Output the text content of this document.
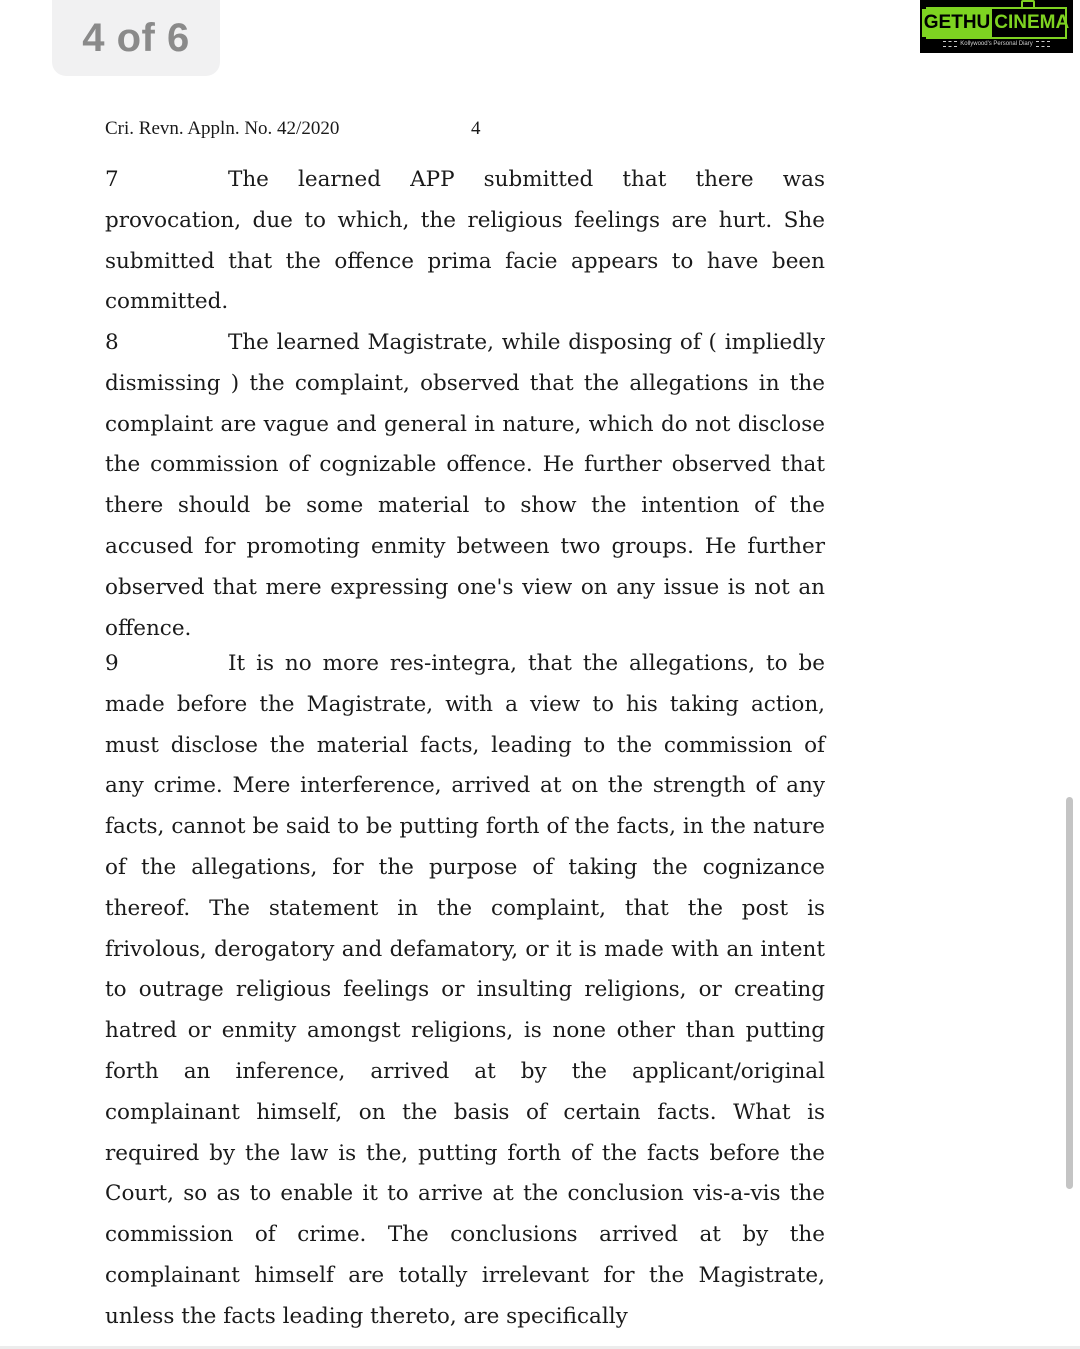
4 of 6	GETHU CINEMA
Kollywood's Personal Diary
Cri. Revn. Appln. No. 42/2020	4
7	The learned APP submitted that there was provocation, due to which, the religious feelings are hurt. She submitted that the offence prima facie appears to have been committed.
8	The learned Magistrate, while disposing of ( impliedly dismissing ) the complaint, observed that the allegations in the complaint are vague and general in nature, which do not disclose the commission of cognizable offence. He further observed that there should be some material to show the intention of the accused for promoting enmity between two groups. He further observed that mere expressing one's view on any issue is not an offence.
9	It is no more res-integra, that the allegations, to be made before the Magistrate, with a view to his taking action, must disclose the material facts, leading to the commission of any crime. Mere interference, arrived at on the strength of any facts, cannot be said to be putting forth of the facts, in the nature of the allegations, for the purpose of taking the cognizance thereof. The statement in the complaint, that the post is frivolous, derogatory and defamatory, or it is made with an intent to outrage religious feelings or insulting religions, or creating hatred or enmity amongst religions, is none other than putting forth an inference, arrived at by the applicant/original complainant himself, on the basis of certain facts. What is required by the law is the, putting forth of the facts before the Court, so as to enable it to arrive at the conclusion vis-a-vis the commission of crime. The conclusions arrived at by the complainant himself are totally irrelevant for the Magistrate, unless the facts leading thereto, are specifically
